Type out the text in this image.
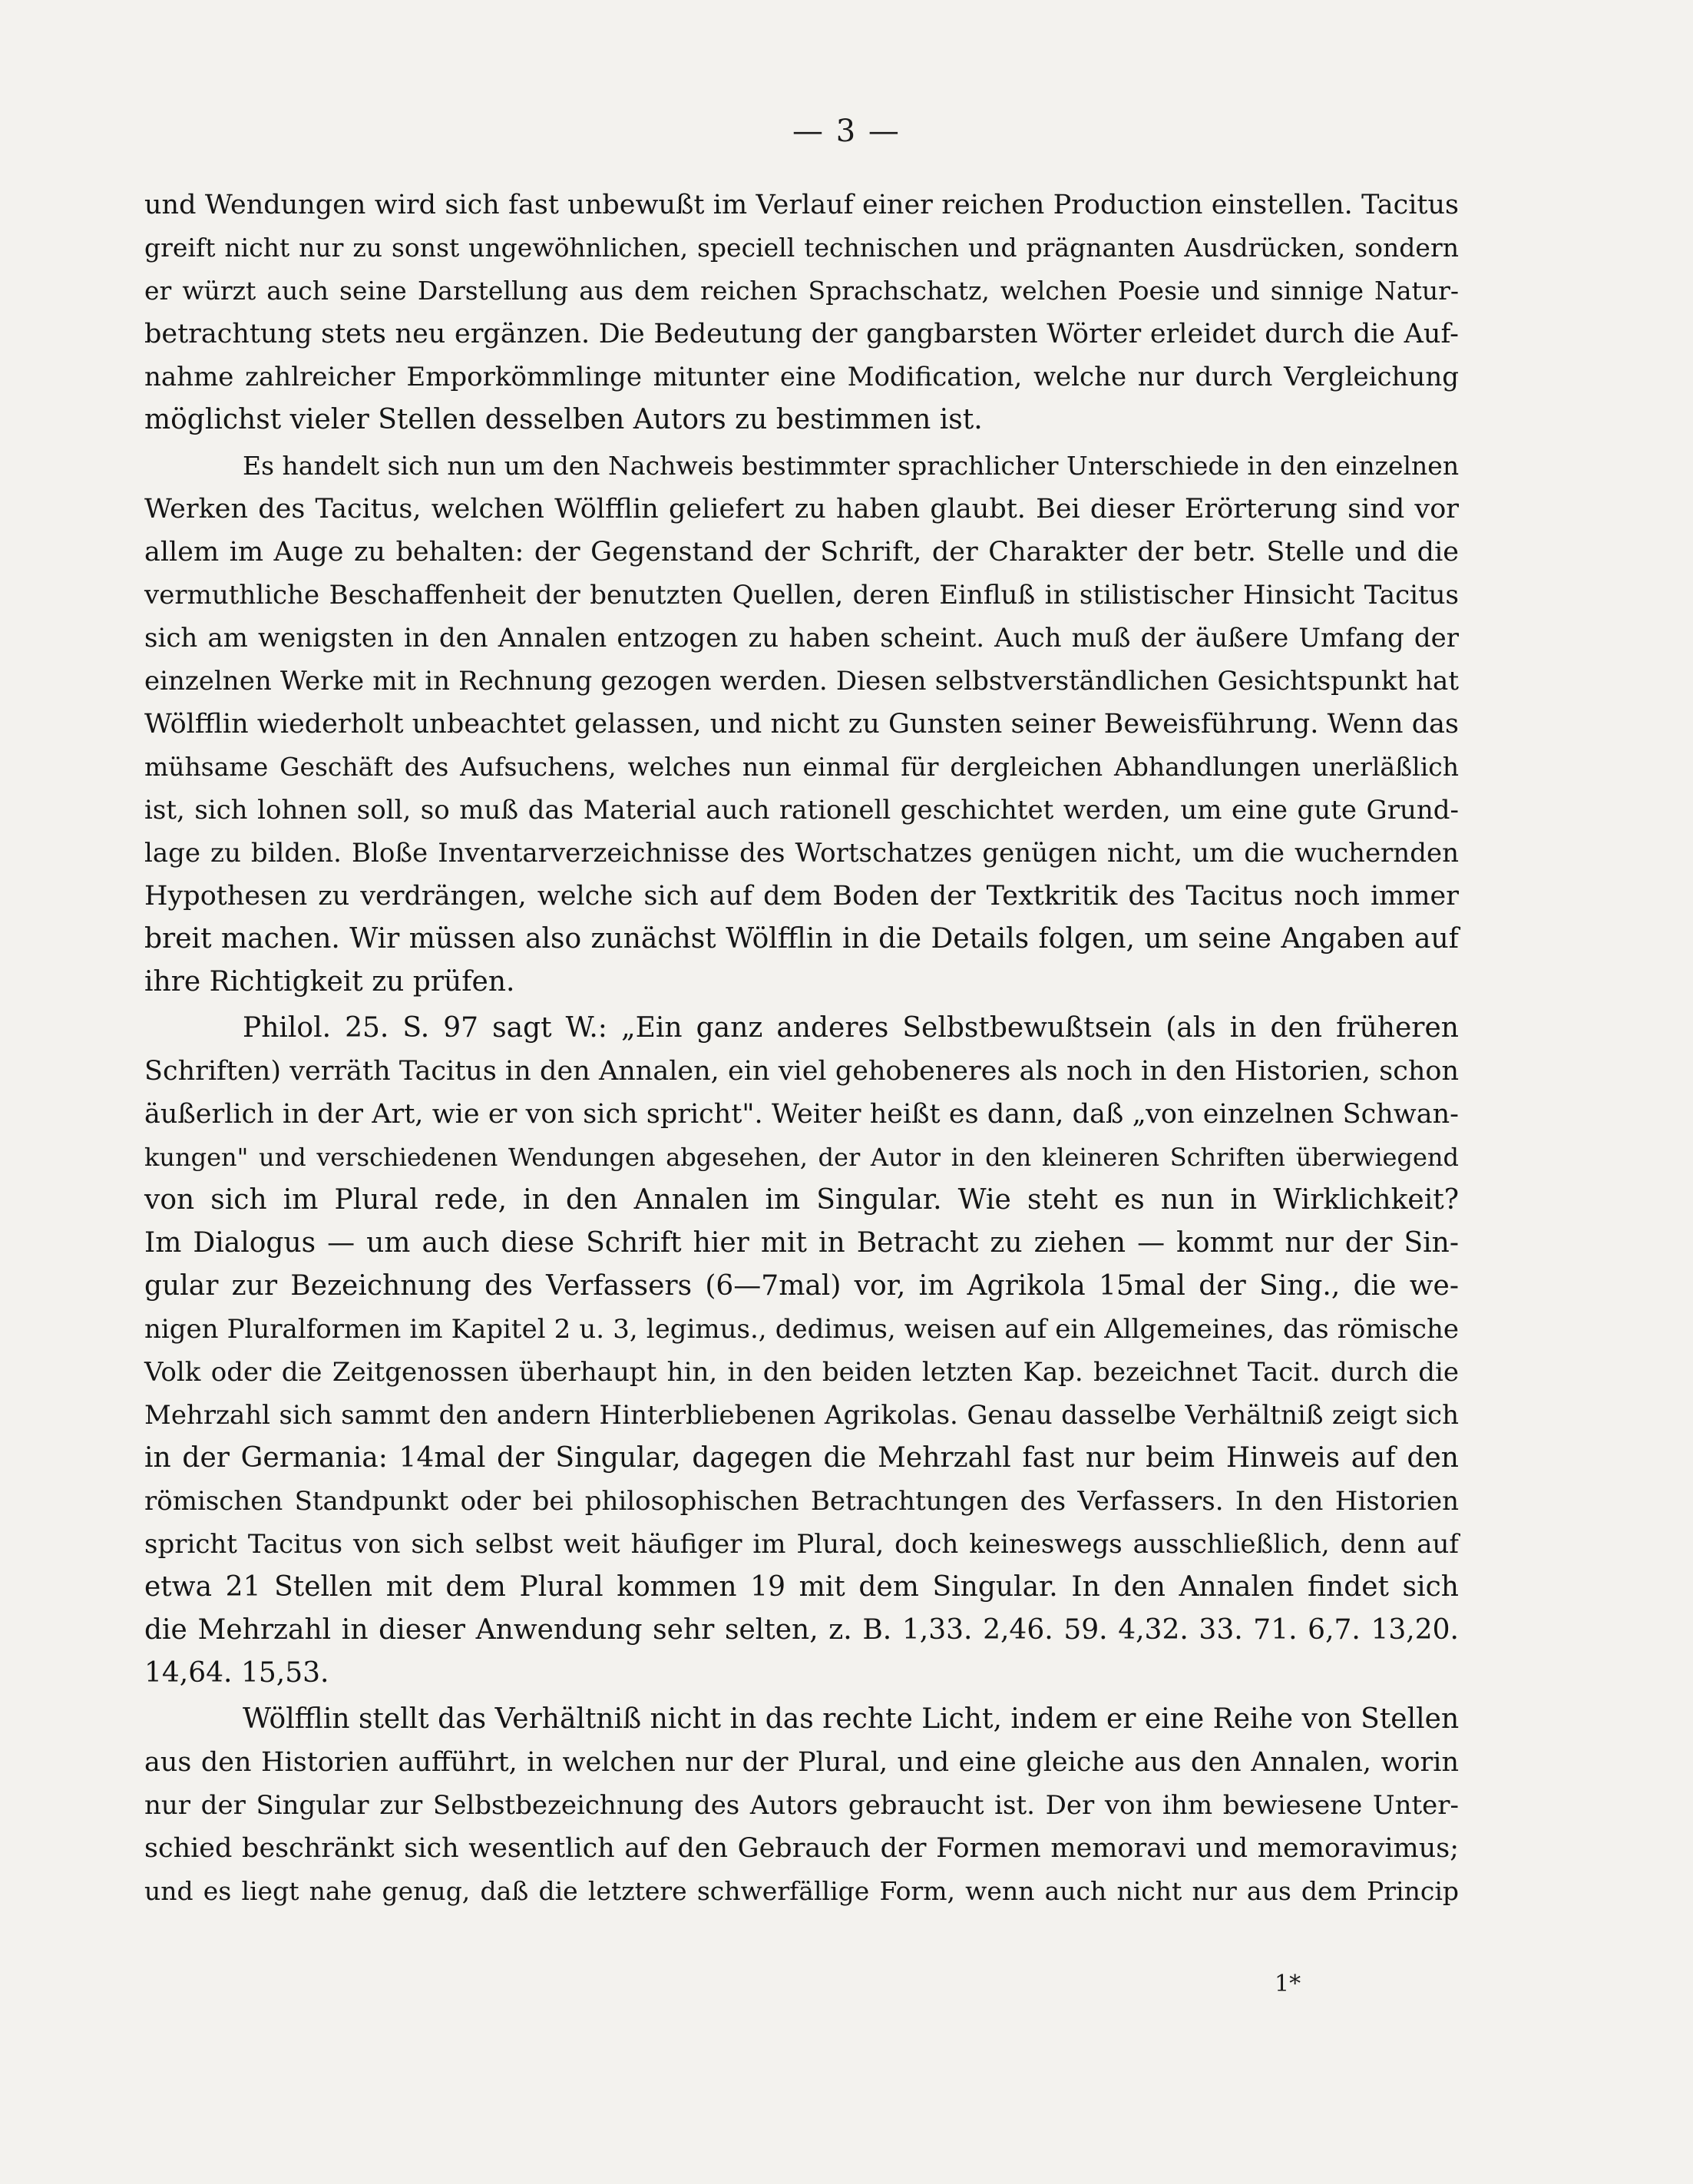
— 3 —
und Wendungen wird sich fast unbewußt im Verlauf einer reichen Production einstellen. Tacitus
greift nicht nur zu sonst ungewöhnlichen, speciell technischen und prägnanten Ausdrücken, sondern
er würzt auch seine Darstellung aus dem reichen Sprachschatz, welchen Poesie und sinnige Natur-
betrachtung stets neu ergänzen. Die Bedeutung der gangbarsten Wörter erleidet durch die Auf-
nahme zahlreicher Emporkömmlinge mitunter eine Modification, welche nur durch Vergleichung
möglichst vieler Stellen desselben Autors zu bestimmen ist.
Es handelt sich nun um den Nachweis bestimmter sprachlicher Unterschiede in den einzelnen
Werken des Tacitus, welchen Wölfflin geliefert zu haben glaubt. Bei dieser Erörterung sind vor
allem im Auge zu behalten: der Gegenstand der Schrift, der Charakter der betr. Stelle und die
vermuthliche Beschaffenheit der benutzten Quellen, deren Einfluß in stilistischer Hinsicht Tacitus
sich am wenigsten in den Annalen entzogen zu haben scheint. Auch muß der äußere Umfang der
einzelnen Werke mit in Rechnung gezogen werden. Diesen selbstverständlichen Gesichtspunkt hat
Wölfflin wiederholt unbeachtet gelassen, und nicht zu Gunsten seiner Beweisführung. Wenn das
mühsame Geschäft des Aufsuchens, welches nun einmal für dergleichen Abhandlungen unerläßlich
ist, sich lohnen soll, so muß das Material auch rationell geschichtet werden, um eine gute Grund-
lage zu bilden. Bloße Inventarverzeichnisse des Wortschatzes genügen nicht, um die wuchernden
Hypothesen zu verdrängen, welche sich auf dem Boden der Textkritik des Tacitus noch immer
breit machen. Wir müssen also zunächst Wölfflin in die Details folgen, um seine Angaben auf
ihre Richtigkeit zu prüfen.
Philol. 25. S. 97 sagt W.: „Ein ganz anderes Selbstbewußtsein (als in den früheren
Schriften) verräth Tacitus in den Annalen, ein viel gehobeneres als noch in den Historien, schon
äußerlich in der Art, wie er von sich spricht". Weiter heißt es dann, daß „von einzelnen Schwan-
kungen" und verschiedenen Wendungen abgesehen, der Autor in den kleineren Schriften überwiegend
von sich im Plural rede, in den Annalen im Singular. Wie steht es nun in Wirklichkeit?
Im Dialogus — um auch diese Schrift hier mit in Betracht zu ziehen — kommt nur der Sin-
gular zur Bezeichnung des Verfassers (6—7mal) vor, im Agrikola 15mal der Sing., die we-
nigen Pluralformen im Kapitel 2 u. 3, legimus., dedimus, weisen auf ein Allgemeines, das römische
Volk oder die Zeitgenossen überhaupt hin, in den beiden letzten Kap. bezeichnet Tacit. durch die
Mehrzahl sich sammt den andern Hinterbliebenen Agrikolas. Genau dasselbe Verhältniß zeigt sich
in der Germania: 14mal der Singular, dagegen die Mehrzahl fast nur beim Hinweis auf den
römischen Standpunkt oder bei philosophischen Betrachtungen des Verfassers. In den Historien
spricht Tacitus von sich selbst weit häufiger im Plural, doch keineswegs ausschließlich, denn auf
etwa 21 Stellen mit dem Plural kommen 19 mit dem Singular. In den Annalen findet sich
die Mehrzahl in dieser Anwendung sehr selten, z. B. 1,33. 2,46. 59. 4,32. 33. 71. 6,7. 13,20.
14,64. 15,53.
Wölfflin stellt das Verhältniß nicht in das rechte Licht, indem er eine Reihe von Stellen
aus den Historien aufführt, in welchen nur der Plural, und eine gleiche aus den Annalen, worin
nur der Singular zur Selbstbezeichnung des Autors gebraucht ist. Der von ihm bewiesene Unter-
schied beschränkt sich wesentlich auf den Gebrauch der Formen memoravi und memoravimus;
und es liegt nahe genug, daß die letztere schwerfällige Form, wenn auch nicht nur aus dem Princip
1*
